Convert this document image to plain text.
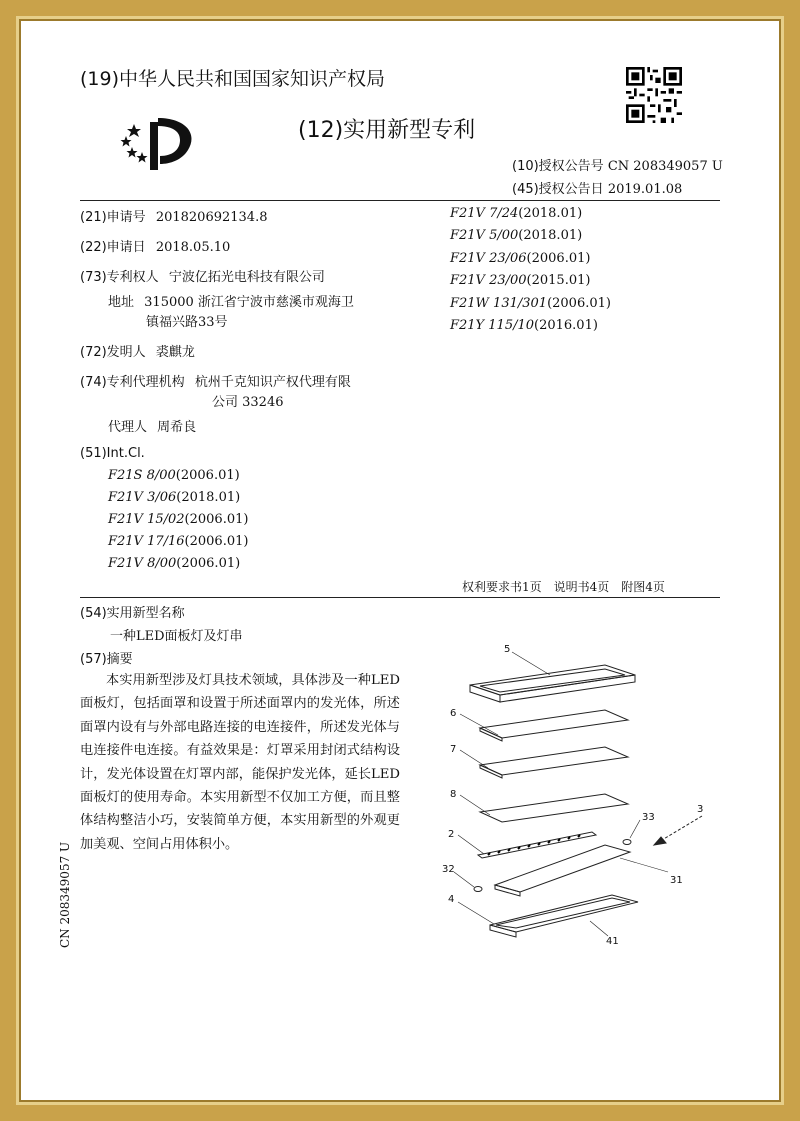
(19)中华人民共和国国家知识产权局
(12)实用新型专利
(10)授权公告号 CN 208349057 U
(45)授权公告日 2019.01.08
(21)申请号 201820692134.8
(22)申请日 2018.05.10
(73)专利权人 宁波亿拓光电科技有限公司
地址 315000 浙江省宁波市慈溪市观海卫
镇福兴路33号
(72)发明人 裘麒龙
(74)专利代理机构 杭州千克知识产权代理有限
公司 33246
代理人 周希良
(51)Int.Cl.
F21S 8/00(2006.01)
F21V 3/06(2018.01)
F21V 15/02(2006.01)
F21V 17/16(2006.01)
F21V 8/00(2006.01)
F21V 7/24(2018.01)
F21V 5/00(2018.01)
F21V 23/06(2006.01)
F21V 23/00(2015.01)
F21W 131/301(2006.01)
F21Y 115/10(2016.01)
权利要求书1页　说明书4页　附图4页
(54)实用新型名称
一种LED面板灯及灯串
(57)摘要
本实用新型涉及灯具技术领域，具体涉及一种LED面板灯，包括面罩和设置于所述面罩内的发光体，所述面罩内设有与外部电路连接的电连接件，所述发光体与电连接件电连接。有益效果是：灯罩采用封闭式结构设计，发光体设置在灯罩内部，能保护发光体，延长LED面板灯的使用寿命。本实用新型不仅加工方便，而且整体结构整洁小巧，安装简单方便，本实用新型的外观更加美观、空间占用体积小。
CN 208349057 U
5
6
7
8
2
33
3
31
32
4
41
